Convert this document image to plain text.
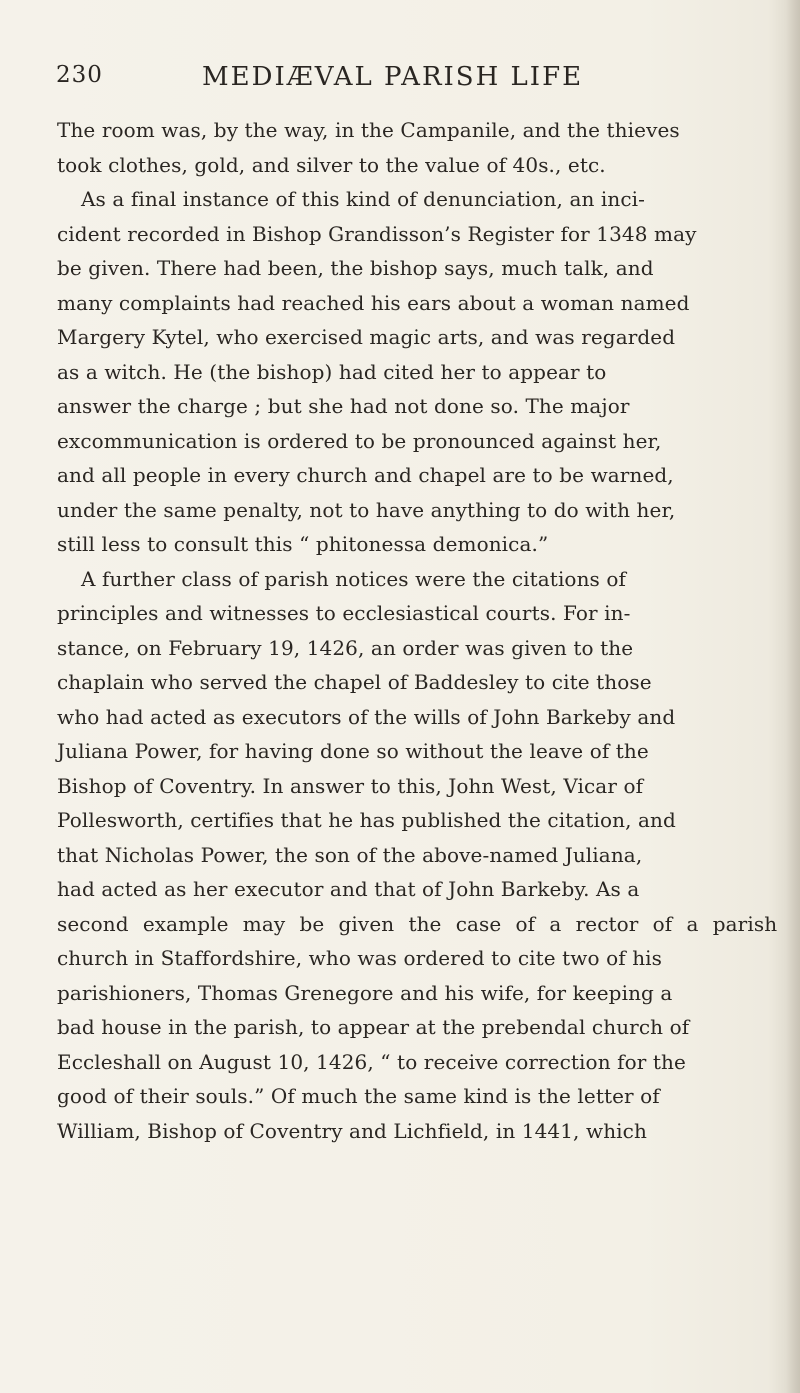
230	MEDIÆVAL PARISH LIFE
The room was, by the way, in the Campanile, and the thieves
took clothes, gold, and silver to the value of 40s., etc.
As a final instance of this kind of denunciation, an inci-
cident recorded in Bishop Grandisson’s Register for 1348 may
be given. There had been, the bishop says, much talk, and
many complaints had reached his ears about a woman named
Margery Kytel, who exercised magic arts, and was regarded
as a witch. He (the bishop) had cited her to appear to
answer the charge ; but she had not done so. The major
excommunication is ordered to be pronounced against her,
and all people in every church and chapel are to be warned,
under the same penalty, not to have anything to do with her,
still less to consult this “ phitonessa demonica.”
A further class of parish notices were the citations of
principles and witnesses to ecclesiastical courts. For in-
stance, on February 19, 1426, an order was given to the
chaplain who served the chapel of Baddesley to cite those
who had acted as executors of the wills of John Barkeby and
Juliana Power, for having done so without the leave of the
Bishop of Coventry. In answer to this, John West, Vicar of
Pollesworth, certifies that he has published the citation, and
that Nicholas Power, the son of the above-named Juliana,
had acted as her executor and that of John Barkeby. As a
second example may be given the case of a rector of a parish
church in Staffordshire, who was ordered to cite two of his
parishioners, Thomas Grenegore and his wife, for keeping a
bad house in the parish, to appear at the prebendal church of
Eccleshall on August 10, 1426, “ to receive correction for the
good of their souls.” Of much the same kind is the letter of
William, Bishop of Coventry and Lichfield, in 1441, which
